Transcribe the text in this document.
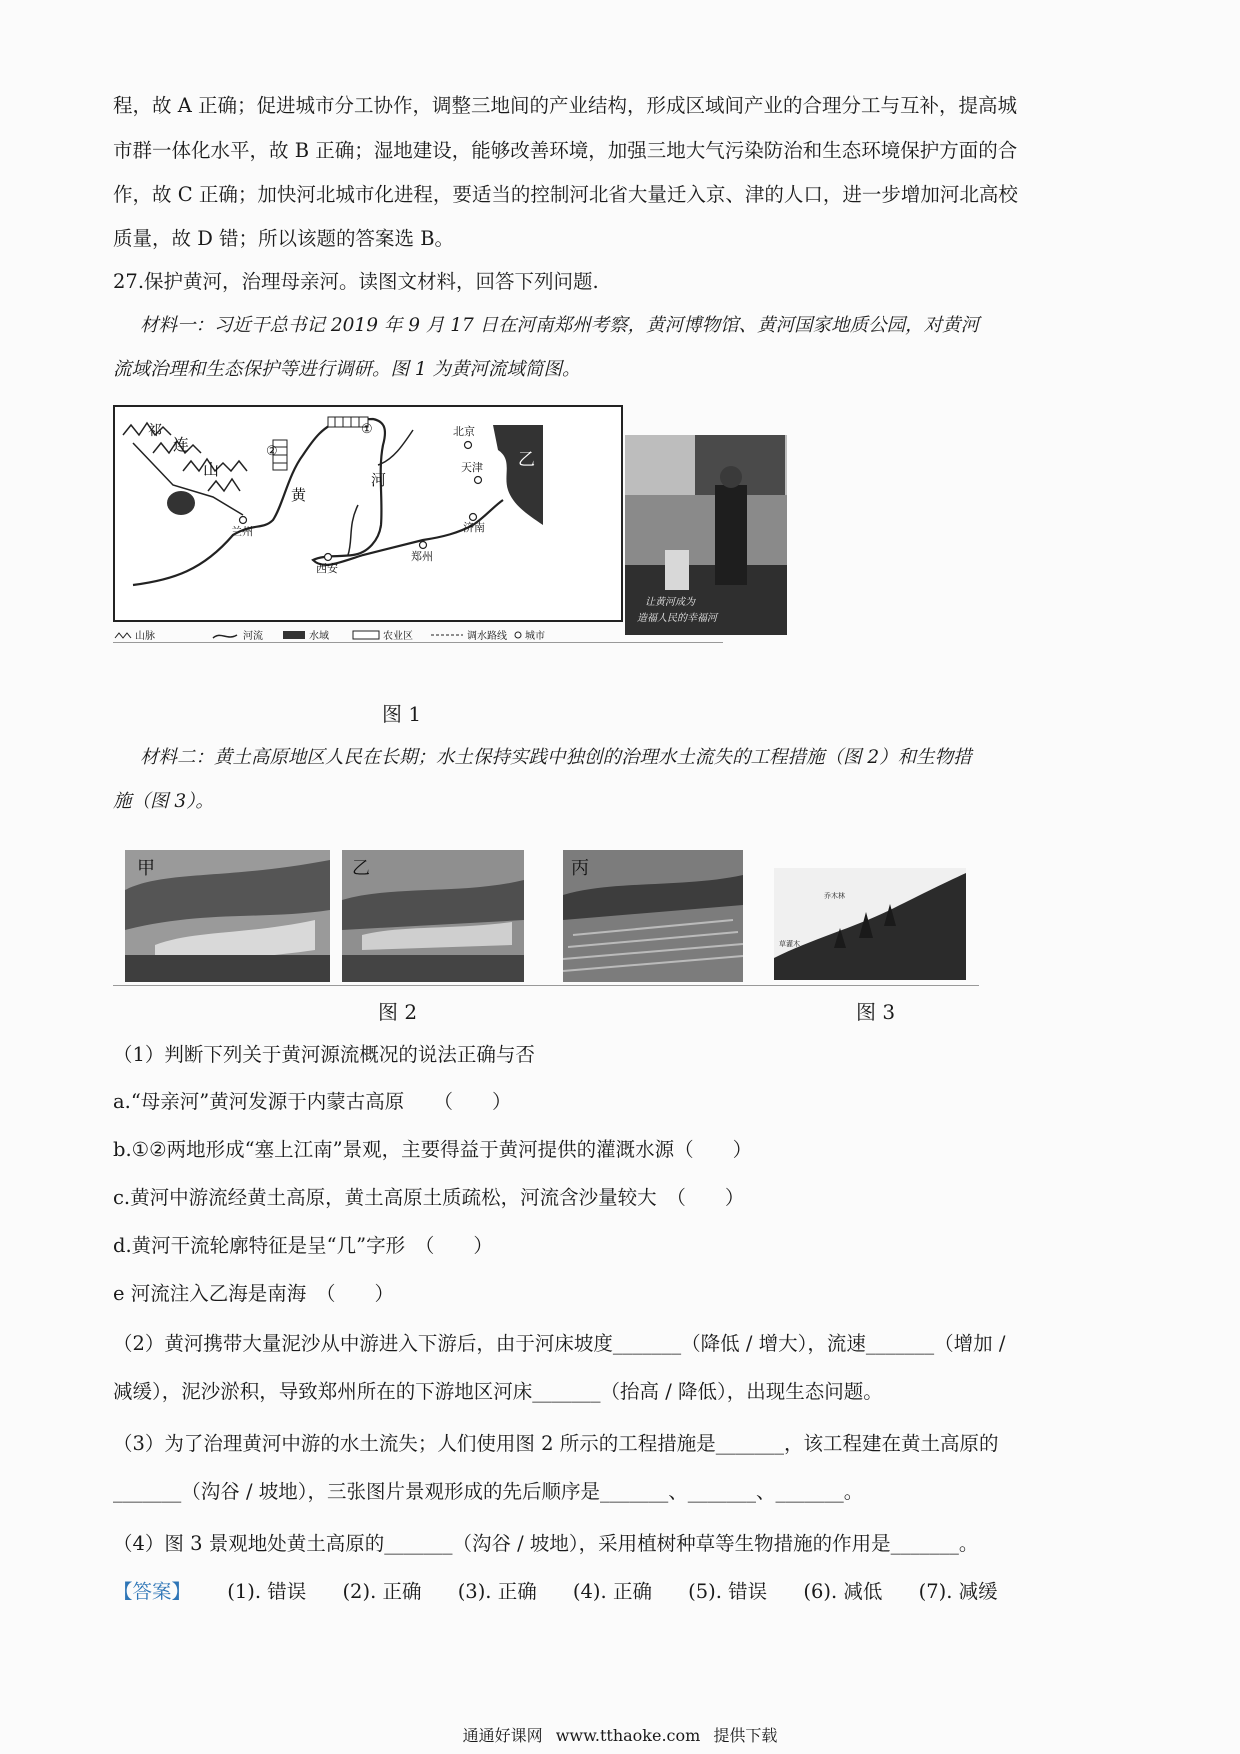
程，故 A 正确；促进城市分工协作，调整三地间的产业结构，形成区域间产业的合理分工与互补，提高城
市群一体化水平，故 B 正确；湿地建设，能够改善环境，加强三地大气污染防治和生态环境保护方面的合
作，故 C 正确；加快河北城市化进程，要适当的控制河北省大量迁入京、津的人口，进一步增加河北高校
质量，故 D 错；所以该题的答案选 B。
27.保护黄河，治理母亲河。读图文材料，回答下列问题.
材料一：习近干总书记 2019 年 9 月 17 日在河南郑州考察，黄河博物馆、黄河国家地质公园，对黄河
流域治理和生态保护等进行调研。图 1 为黄河流域简图。
祁
连
山
①
②
北京
天津
济南
郑州
西安
兰州
河
黄
乙
山脉	河流	水域	农业区	调水路线 城市
让黄河成为
造福人民的幸福河
图 1
材料二：黄土高原地区人民在长期；水土保持实践中独创的治理水土流失的工程措施（图 2）和生物措
施（图 3）。
甲	乙	丙
乔木林
草灌木
图 2	图 3
（1）判断下列关于黄河源流概况的说法正确与否
a.“母亲河”黄河发源于内蒙古高原　　（　　）
b.①②两地形成“塞上江南”景观，主要得益于黄河提供的灌溉水源（　　）
c.黄河中游流经黄土高原，黄土高原土质疏松，河流含沙量较大　（　　）
d.黄河干流轮廓特征是呈“几”字形　（　　）
e 河流注入乙海是南海　（　　）
（2）黄河携带大量泥沙从中游进入下游后，由于河床坡度_______（降低 / 增大），流速_______（增加 /
减缓），泥沙淤积，导致郑州所在的下游地区河床_______（抬高 / 降低），出现生态问题。
（3）为了治理黄河中游的水土流失；人们使用图 2 所示的工程措施是_______，该工程建在黄土高原的
_______（沟谷 / 坡地），三张图片景观形成的先后顺序是_______、_______、_______。
（4）图 3 景观地处黄土高原的_______（沟谷 / 坡地），采用植树种草等生物措施的作用是_______。
【答案】 (1). 错误 (2). 正确 (3). 正确 (4). 正确 (5). 错误 (6). 减低 (7). 减缓
通通好课网 www.tthaoke.com 提供下载
